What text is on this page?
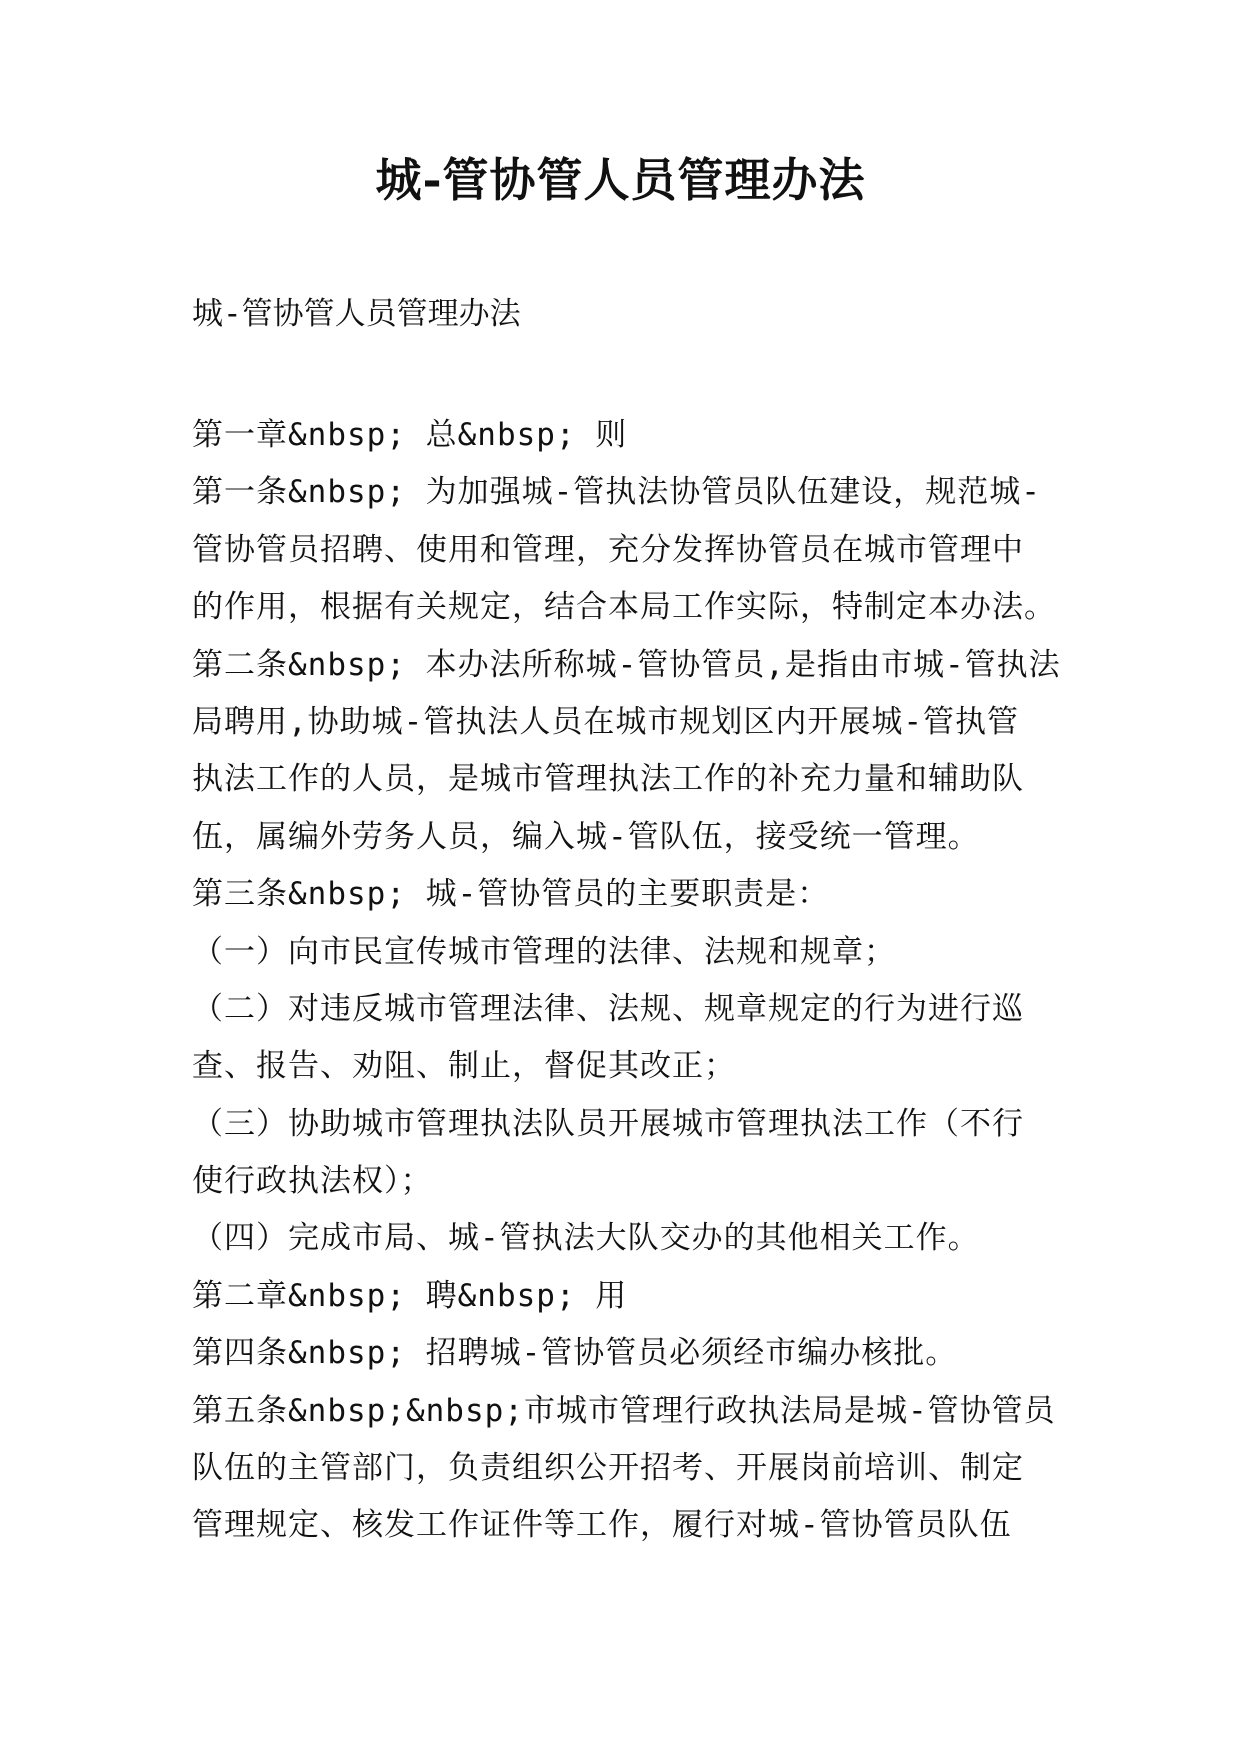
城-管协管人员管理办法
城-管协管人员管理办法
第一章&nbsp; 总&nbsp; 则
第一条&nbsp; 为加强城-管执法协管员队伍建设，规范城-
管协管员招聘、使用和管理，充分发挥协管员在城市管理中
的作用，根据有关规定，结合本局工作实际，特制定本办法。
第二条&nbsp; 本办法所称城-管协管员,是指由市城-管执法
局聘用,协助城-管执法人员在城市规划区内开展城-管执管
执法工作的人员，是城市管理执法工作的补充力量和辅助队
伍，属编外劳务人员，编入城-管队伍，接受统一管理。
第三条&nbsp; 城-管协管员的主要职责是：
（一）向市民宣传城市管理的法律、法规和规章；
（二）对违反城市管理法律、法规、规章规定的行为进行巡
查、报告、劝阻、制止，督促其改正；
（三）协助城市管理执法队员开展城市管理执法工作（不行
使行政执法权）；
（四）完成市局、城-管执法大队交办的其他相关工作。
第二章&nbsp; 聘&nbsp; 用
第四条&nbsp; 招聘城-管协管员必须经市编办核批。
第五条&nbsp;&nbsp;市城市管理行政执法局是城-管协管员
队伍的主管部门，负责组织公开招考、开展岗前培训、制定
管理规定、核发工作证件等工作，履行对城-管协管员队伍
